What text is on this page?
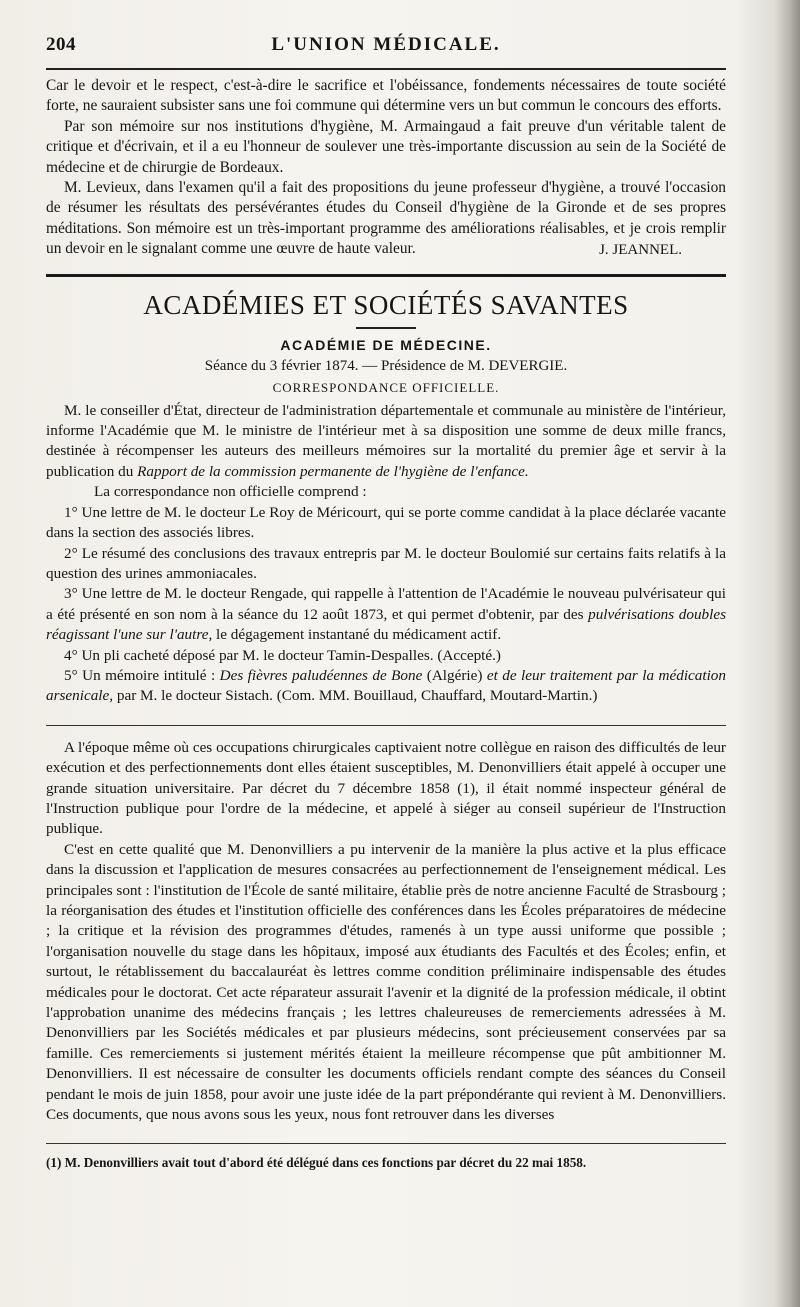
204	L'UNION MÉDICALE.

Car le devoir et le respect, c'est-à-dire le sacrifice et l'obéissance, fondements nécessaires de toute société forte, ne sauraient subsister sans une foi commune qui détermine vers un but commun le concours des efforts.

Par son mémoire sur nos institutions d'hygiène, M. Armaingaud a fait preuve d'un véritable talent de critique et d'écrivain, et il a eu l'honneur de soulever une très-importante discussion au sein de la Société de médecine et de chirurgie de Bordeaux.

M. Levieux, dans l'examen qu'il a fait des propositions du jeune professeur d'hygiène, a trouvé l'occasion de résumer les résultats des persévérantes études du Conseil d'hygiène de la Gironde et de ses propres méditations. Son mémoire est un très-important programme des améliorations réalisables, et je crois remplir un devoir en le signalant comme une œuvre de haute valeur.	J. JEANNEL.
ACADÉMIES ET SOCIÉTÉS SAVANTES
ACADÉMIE DE MÉDECINE.
Séance du 3 février 1874. — Présidence de M. DEVERGIE.
CORRESPONDANCE OFFICIELLE.

M. le conseiller d'État, directeur de l'administration départementale et communale au ministère de l'intérieur, informe l'Académie que M. le ministre de l'intérieur met à sa disposition une somme de deux mille francs, destinée à récompenser les auteurs des meilleurs mémoires sur la mortalité du premier âge et servir à la publication du Rapport de la commission permanente de l'hygiène de l'enfance.

La correspondance non officielle comprend :

1° Une lettre de M. le docteur Le Roy de Méricourt, qui se porte comme candidat à la place déclarée vacante dans la section des associés libres.

2° Le résumé des conclusions des travaux entrepris par M. le docteur Boulomié sur certains faits relatifs à la question des urines ammoniacales.

3° Une lettre de M. le docteur Rengade, qui rappelle à l'attention de l'Académie le nouveau pulvérisateur qui a été présenté en son nom à la séance du 12 août 1873, et qui permet d'obtenir, par des pulvérisations doubles réagissant l'une sur l'autre, le dégagement instantané du médicament actif.

4° Un pli cacheté déposé par M. le docteur Tamin-Despalles. (Accepté.)

5° Un mémoire intitulé : Des fièvres paludéennes de Bone (Algérie) et de leur traitement par la médication arsenicale, par M. le docteur Sistach. (Com. MM. Bouillaud, Chauffard, Moutard-Martin.)

A l'époque même où ces occupations chirurgicales captivaient notre collègue en raison des difficultés de leur exécution et des perfectionnements dont elles étaient susceptibles, M. Denonvilliers était appelé à occuper une grande situation universitaire. Par décret du 7 décembre 1858 (1), il était nommé inspecteur général de l'Instruction publique pour l'ordre de la médecine, et appelé à siéger au conseil supérieur de l'Instruction publique.

C'est en cette qualité que M. Denonvilliers a pu intervenir de la manière la plus active et la plus efficace dans la discussion et l'application de mesures consacrées au perfectionnement de l'enseignement médical. Les principales sont : l'institution de l'École de santé militaire, établie près de notre ancienne Faculté de Strasbourg ; la réorganisation des études et l'institution officielle des conférences dans les Écoles préparatoires de médecine ; la critique et la révision des programmes d'études, ramenés à un type aussi uniforme que possible ; l'organisation nouvelle du stage dans les hôpitaux, imposé aux étudiants des Facultés et des Écoles; enfin, et surtout, le rétablissement du baccalauréat ès lettres comme condition préliminaire indispensable des études médicales pour le doctorat. Cet acte réparateur assurait l'avenir et la dignité de la profession médicale, il obtint l'approbation unanime des médecins français ; les lettres chaleureuses de remerciements adressées à M. Denonvilliers par les Sociétés médicales et par plusieurs médecins, sont précieusement conservées par sa famille. Ces remerciements si justement mérités étaient la meilleure récompense que pût ambitionner M. Denonvilliers. Il est nécessaire de consulter les documents officiels rendant compte des séances du Conseil pendant le mois de juin 1858, pour avoir une juste idée de la part prépondérante qui revient à M. Denonvilliers. Ces documents, que nous avons sous les yeux, nous font retrouver dans les diverses

(1) M. Denonvilliers avait tout d'abord été délégué dans ces fonctions par décret du 22 mai 1858.
